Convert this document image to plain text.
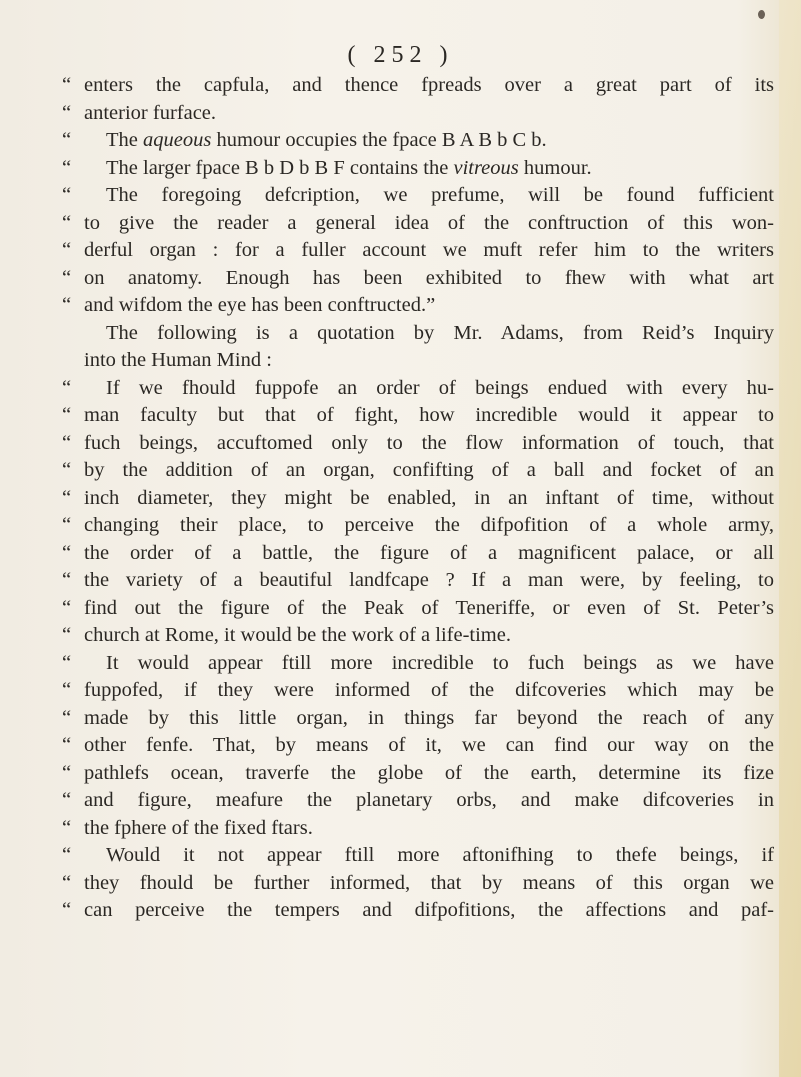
( 252 )
“ enters the capfula, and thence fpreads over a great part of its
“ anterior furface.
“ The aqueous humour occupies the fpace B A B b C b.
“ The larger fpace B b D b B F contains the vitreous humour.
“ The foregoing defcription, we prefume, will be found fufficient
“ to give the reader a general idea of the conftruction of this won-
“ derful organ : for a fuller account we muft refer him to the writers
“ on anatomy. Enough has been exhibited to fhew with what art
“ and wifdom the eye has been conftructed.”
The following is a quotation by Mr. Adams, from Reid’s Inquiry
into the Human Mind :
“ If we fhould fuppofe an order of beings endued with every hu-
“ man faculty but that of fight, how incredible would it appear to
“ fuch beings, accuftomed only to the flow information of touch, that
“ by the addition of an organ, confifting of a ball and focket of an
“ inch diameter, they might be enabled, in an inftant of time, without
“ changing their place, to perceive the difpofition of a whole army,
“ the order of a battle, the figure of a magnificent palace, or all
“ the variety of a beautiful landfcape ? If a man were, by feeling, to
“ find out the figure of the Peak of Teneriffe, or even of St. Peter’s
“ church at Rome, it would be the work of a life-time.
“ It would appear ftill more incredible to fuch beings as we have
“ fuppofed, if they were informed of the difcoveries which may be
“ made by this little organ, in things far beyond the reach of any
“ other fenfe. That, by means of it, we can find our way on the
“ pathlefs ocean, traverfe the globe of the earth, determine its fize
“ and figure, meafure the planetary orbs, and make difcoveries in
“ the fphere of the fixed ftars.
“ Would it not appear ftill more aftonifhing to thefe beings, if
“ they fhould be further informed, that by means of this organ we
“ can perceive the tempers and difpofitions, the affections and paf-
